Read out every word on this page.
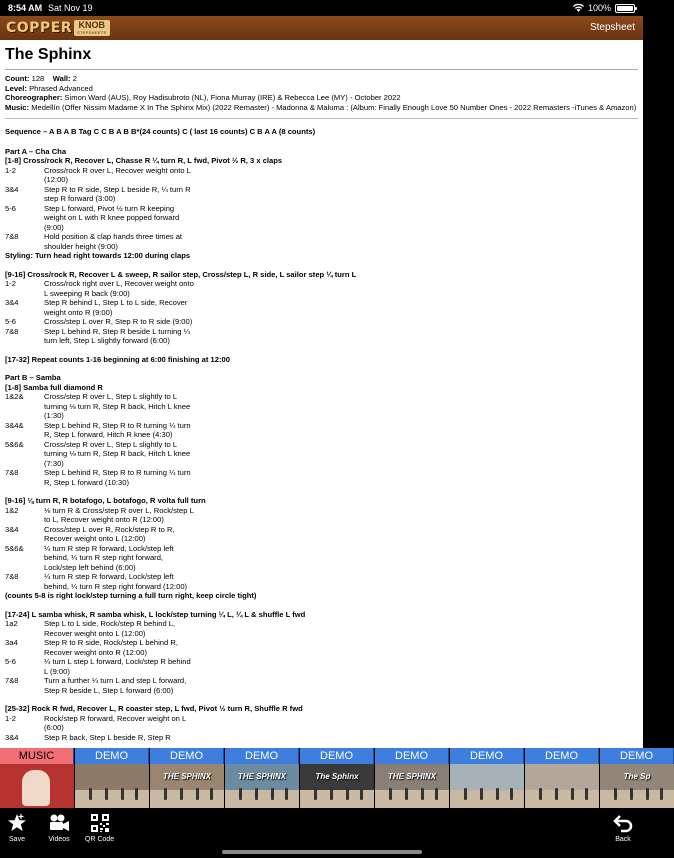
8:54 AM Sat Nov 19	100%
COPPER KNOB
STEPSHEETS	Stepsheet
The Sphinx
Count: 128 Wall: 2
Level: Phrased Advanced
Choreographer: Simon Ward (AUS), Roy Hadisubroto (NL), Fiona Murray (IRE) & Rebecca Lee (MY) - October 2022
Music: Medellín (Offer Nissim Madame X In The Sphinx Mix) (2022 Remaster) - Madonna & Maluma : (Album: Finally Enough Love 50 Number Ones - 2022 Remasters -iTunes & Amazon)
Sequence – A B A B Tag C C B A B B*(24 counts) C ( last 16 counts) C B A A (8 counts)
Part A – Cha Cha
[1-8] Cross/rock R, Recover L, Chasse R ¼ turn R, L fwd, Pivot ½ R, 3 x claps
1-2	Cross/rock R over L, Recover weight onto L (12:00)
3&4	Step R to R side, Step L beside R, ¼ turn R step R forward (3:00)
5-6	Step L forward, Pivot ½ turn R keeping weight on L with R knee popped forward (9:00)
7&8	Hold position & clap hands three times at shoulder height (9:00)
Styling: Turn head right towards 12:00 during claps
[9-16] Cross/rock R, Recover L & sweep, R sailor step, Cross/step L, R side, L sailor step ¼ turn L
1-2	Cross/rock right over L, Recover weight onto L sweeping R back (9:00)
3&4	Step R behind L, Step L to L side, Recover weight onto R (9:00)
5-6	Cross/step L over R, Step R to R side (9:00)
7&8	Step L behind R, Step R beside L turning ¼ turn left, Step L slightly forward (6:00)
[17-32] Repeat counts 1-16 beginning at 6:00 finishing at 12:00
Part B – Samba
[1-8] Samba full diamond R
1&2&	Cross/step R over L, Step L slightly to L turning ⅛ turn R, Step R back, Hitch L knee (1:30)
3&4&	Step L behind R, Step R to R turning ¼ turn R, Step L forward, Hitch R knee (4:30)
5&6&	Cross/step R over L, Step L slightly to L turning ⅛ turn R, Step R back, Hitch L knee (7:30)
7&8	Step L behind R, Step R to R turning ¼ turn R, Step L forward (10:30)
[9-16] ⅛ turn R, R botafogo, L botafogo, R volta full turn
1&2	⅛ turn R & Cross/step R over L, Rock/step L to L, Recover weight onto R (12:00)
3&4	Cross/step L over R, Rock/step R to R, Recover weight onto L (12:00)
5&6&	¼ turn R step R forward, Lock/step left behind, ¼ turn R step right forward, Lock/step left behind (6:00)
7&8	¼ turn R step R forward, Lock/step left behind, ¼ turn R step right forward (12:00)
(counts 5-8 is right lock/step turning a full turn right, keep circle tight)
[17-24] L samba whisk, R samba whisk, L lock/step turning ¼ L, ¼ L & shuffle L fwd
1a2	Step L to L side, Rock/step R behind L, Recover weight onto L (12:00)
3a4	Step R to R side, Rock/step L behind R, Recover weight onto R (12:00)
5-6	¼ turn L step L forward, Lock/step R behind L (9:00)
7&8	Turn a further ¼ turn L and step L forward, Step R beside L, Step L forward (6:00)
[25-32] Rock R fwd, Recover L, R coaster step, L fwd, Pivot ½ turn R, Shuffle R fwd
1-2	Rock/step R forward, Recover weight on L (6:00)
3&4	Step R back, Step L beside R, Step R
MUSIC	DEMO	DEMO
THE SPHINX
DEMO
THE SPHINX
DEMO
The Sphinx
DEMO
THE SPHINX
DEMO	DEMO	DEMO
The Sp
Save	Videos QR Code	Back
